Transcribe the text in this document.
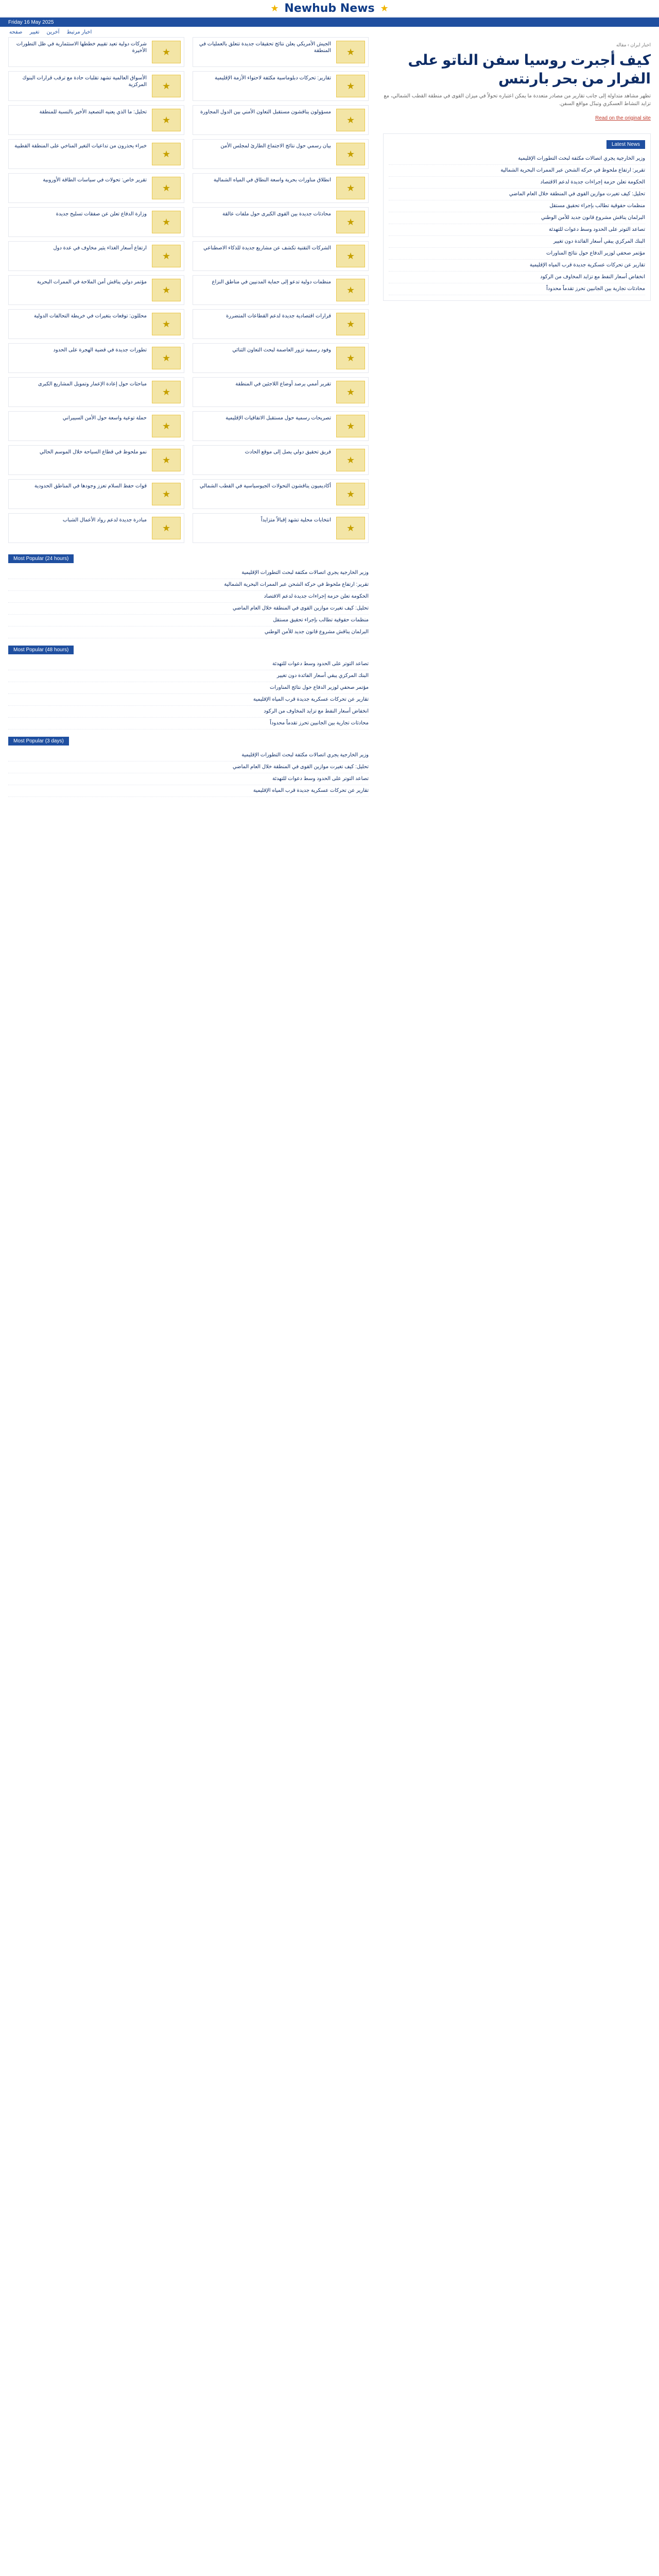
★ Newhub News ★
Friday 16 May 2025
اخبار مرتبط
آخرین
تغییر
صفحه
اخبار ایران › مقاله
كيف أجبرت روسيا سفن الناتو على الفرار من بحر بارنتس

تظهر مشاهد متداولة إلى جانب تقارير من مصادر متعددة ما يمكن اعتباره تحولاً في ميزان القوى في منطقة القطب الشمالي، مع تزايد النشاط العسكري وتبدّل مواقع السفن.

Read on the original site
Latest News
وزير الخارجية يجري اتصالات مكثفة لبحث التطورات الإقليمية
تقرير: ارتفاع ملحوظ في حركة الشحن عبر الممرات البحرية الشمالية
الحكومة تعلن حزمة إجراءات جديدة لدعم الاقتصاد
تحليل: كيف تغيرت موازين القوى في المنطقة خلال العام الماضي
منظمات حقوقية تطالب بإجراء تحقيق مستقل
البرلمان يناقش مشروع قانون جديد للأمن الوطني
تصاعد التوتر على الحدود وسط دعوات للتهدئة
البنك المركزي يبقي أسعار الفائدة دون تغيير
مؤتمر صحفي لوزير الدفاع حول نتائج المناورات
تقارير عن تحركات عسكرية جديدة قرب المياه الإقليمية
انخفاض أسعار النفط مع تزايد المخاوف من الركود
محادثات تجارية بين الجانبين تحرز تقدماً محدوداً
★
الجيش الأمريكي يعلن نتائج تحقيقات جديدة تتعلق بالعمليات في المنطقة
★
شركات دولية تعيد تقييم خططها الاستثمارية في ظل التطورات الأخيرة
★
تقارير: تحركات دبلوماسية مكثفة لاحتواء الأزمة الإقليمية
★
الأسواق العالمية تشهد تقلبات حادة مع ترقب قرارات البنوك المركزية
★
مسؤولون يناقشون مستقبل التعاون الأمني بين الدول المجاورة
★
تحليل: ما الذي يعنيه التصعيد الأخير بالنسبة للمنطقة
★
بيان رسمي حول نتائج الاجتماع الطارئ لمجلس الأمن
★
خبراء يحذرون من تداعيات التغير المناخي على المنطقة القطبية
★
انطلاق مناورات بحرية واسعة النطاق في المياه الشمالية
★
تقرير خاص: تحولات في سياسات الطاقة الأوروبية
★
محادثات جديدة بين القوى الكبرى حول ملفات عالقة
★
وزارة الدفاع تعلن عن صفقات تسليح جديدة
★
الشركات التقنية تكشف عن مشاريع جديدة للذكاء الاصطناعي
★
ارتفاع أسعار الغذاء يثير مخاوف في عدة دول
★
منظمات دولية تدعو إلى حماية المدنيين في مناطق النزاع
★
مؤتمر دولي يناقش أمن الملاحة في الممرات البحرية
★
قرارات اقتصادية جديدة لدعم القطاعات المتضررة
★
محللون: توقعات بتغيرات في خريطة التحالفات الدولية
★
وفود رسمية تزور العاصمة لبحث التعاون الثنائي
★
تطورات جديدة في قضية الهجرة على الحدود
★
تقرير أممي يرصد أوضاع اللاجئين في المنطقة
★
مباحثات حول إعادة الإعمار وتمويل المشاريع الكبرى
★
تصريحات رسمية حول مستقبل الاتفاقيات الإقليمية
★
حملة توعية واسعة حول الأمن السيبراني
★
فريق تحقيق دولي يصل إلى موقع الحادث
★
نمو ملحوظ في قطاع السياحة خلال الموسم الحالي
★
أكاديميون يناقشون التحولات الجيوسياسية في القطب الشمالي
★
قوات حفظ السلام تعزز وجودها في المناطق الحدودية
★
انتخابات محلية تشهد إقبالاً متزايداً
★
مبادرة جديدة لدعم رواد الأعمال الشباب
Most Popular (24 hours)
وزير الخارجية يجري اتصالات مكثفة لبحث التطورات الإقليمية
تقرير: ارتفاع ملحوظ في حركة الشحن عبر الممرات البحرية الشمالية
الحكومة تعلن حزمة إجراءات جديدة لدعم الاقتصاد
تحليل: كيف تغيرت موازين القوى في المنطقة خلال العام الماضي
منظمات حقوقية تطالب بإجراء تحقيق مستقل
البرلمان يناقش مشروع قانون جديد للأمن الوطني
Most Popular (48 hours)
تصاعد التوتر على الحدود وسط دعوات للتهدئة
البنك المركزي يبقي أسعار الفائدة دون تغيير
مؤتمر صحفي لوزير الدفاع حول نتائج المناورات
تقارير عن تحركات عسكرية جديدة قرب المياه الإقليمية
انخفاض أسعار النفط مع تزايد المخاوف من الركود
محادثات تجارية بين الجانبين تحرز تقدماً محدوداً
Most Popular (3 days)
وزير الخارجية يجري اتصالات مكثفة لبحث التطورات الإقليمية
تحليل: كيف تغيرت موازين القوى في المنطقة خلال العام الماضي
تصاعد التوتر على الحدود وسط دعوات للتهدئة
تقارير عن تحركات عسكرية جديدة قرب المياه الإقليمية
